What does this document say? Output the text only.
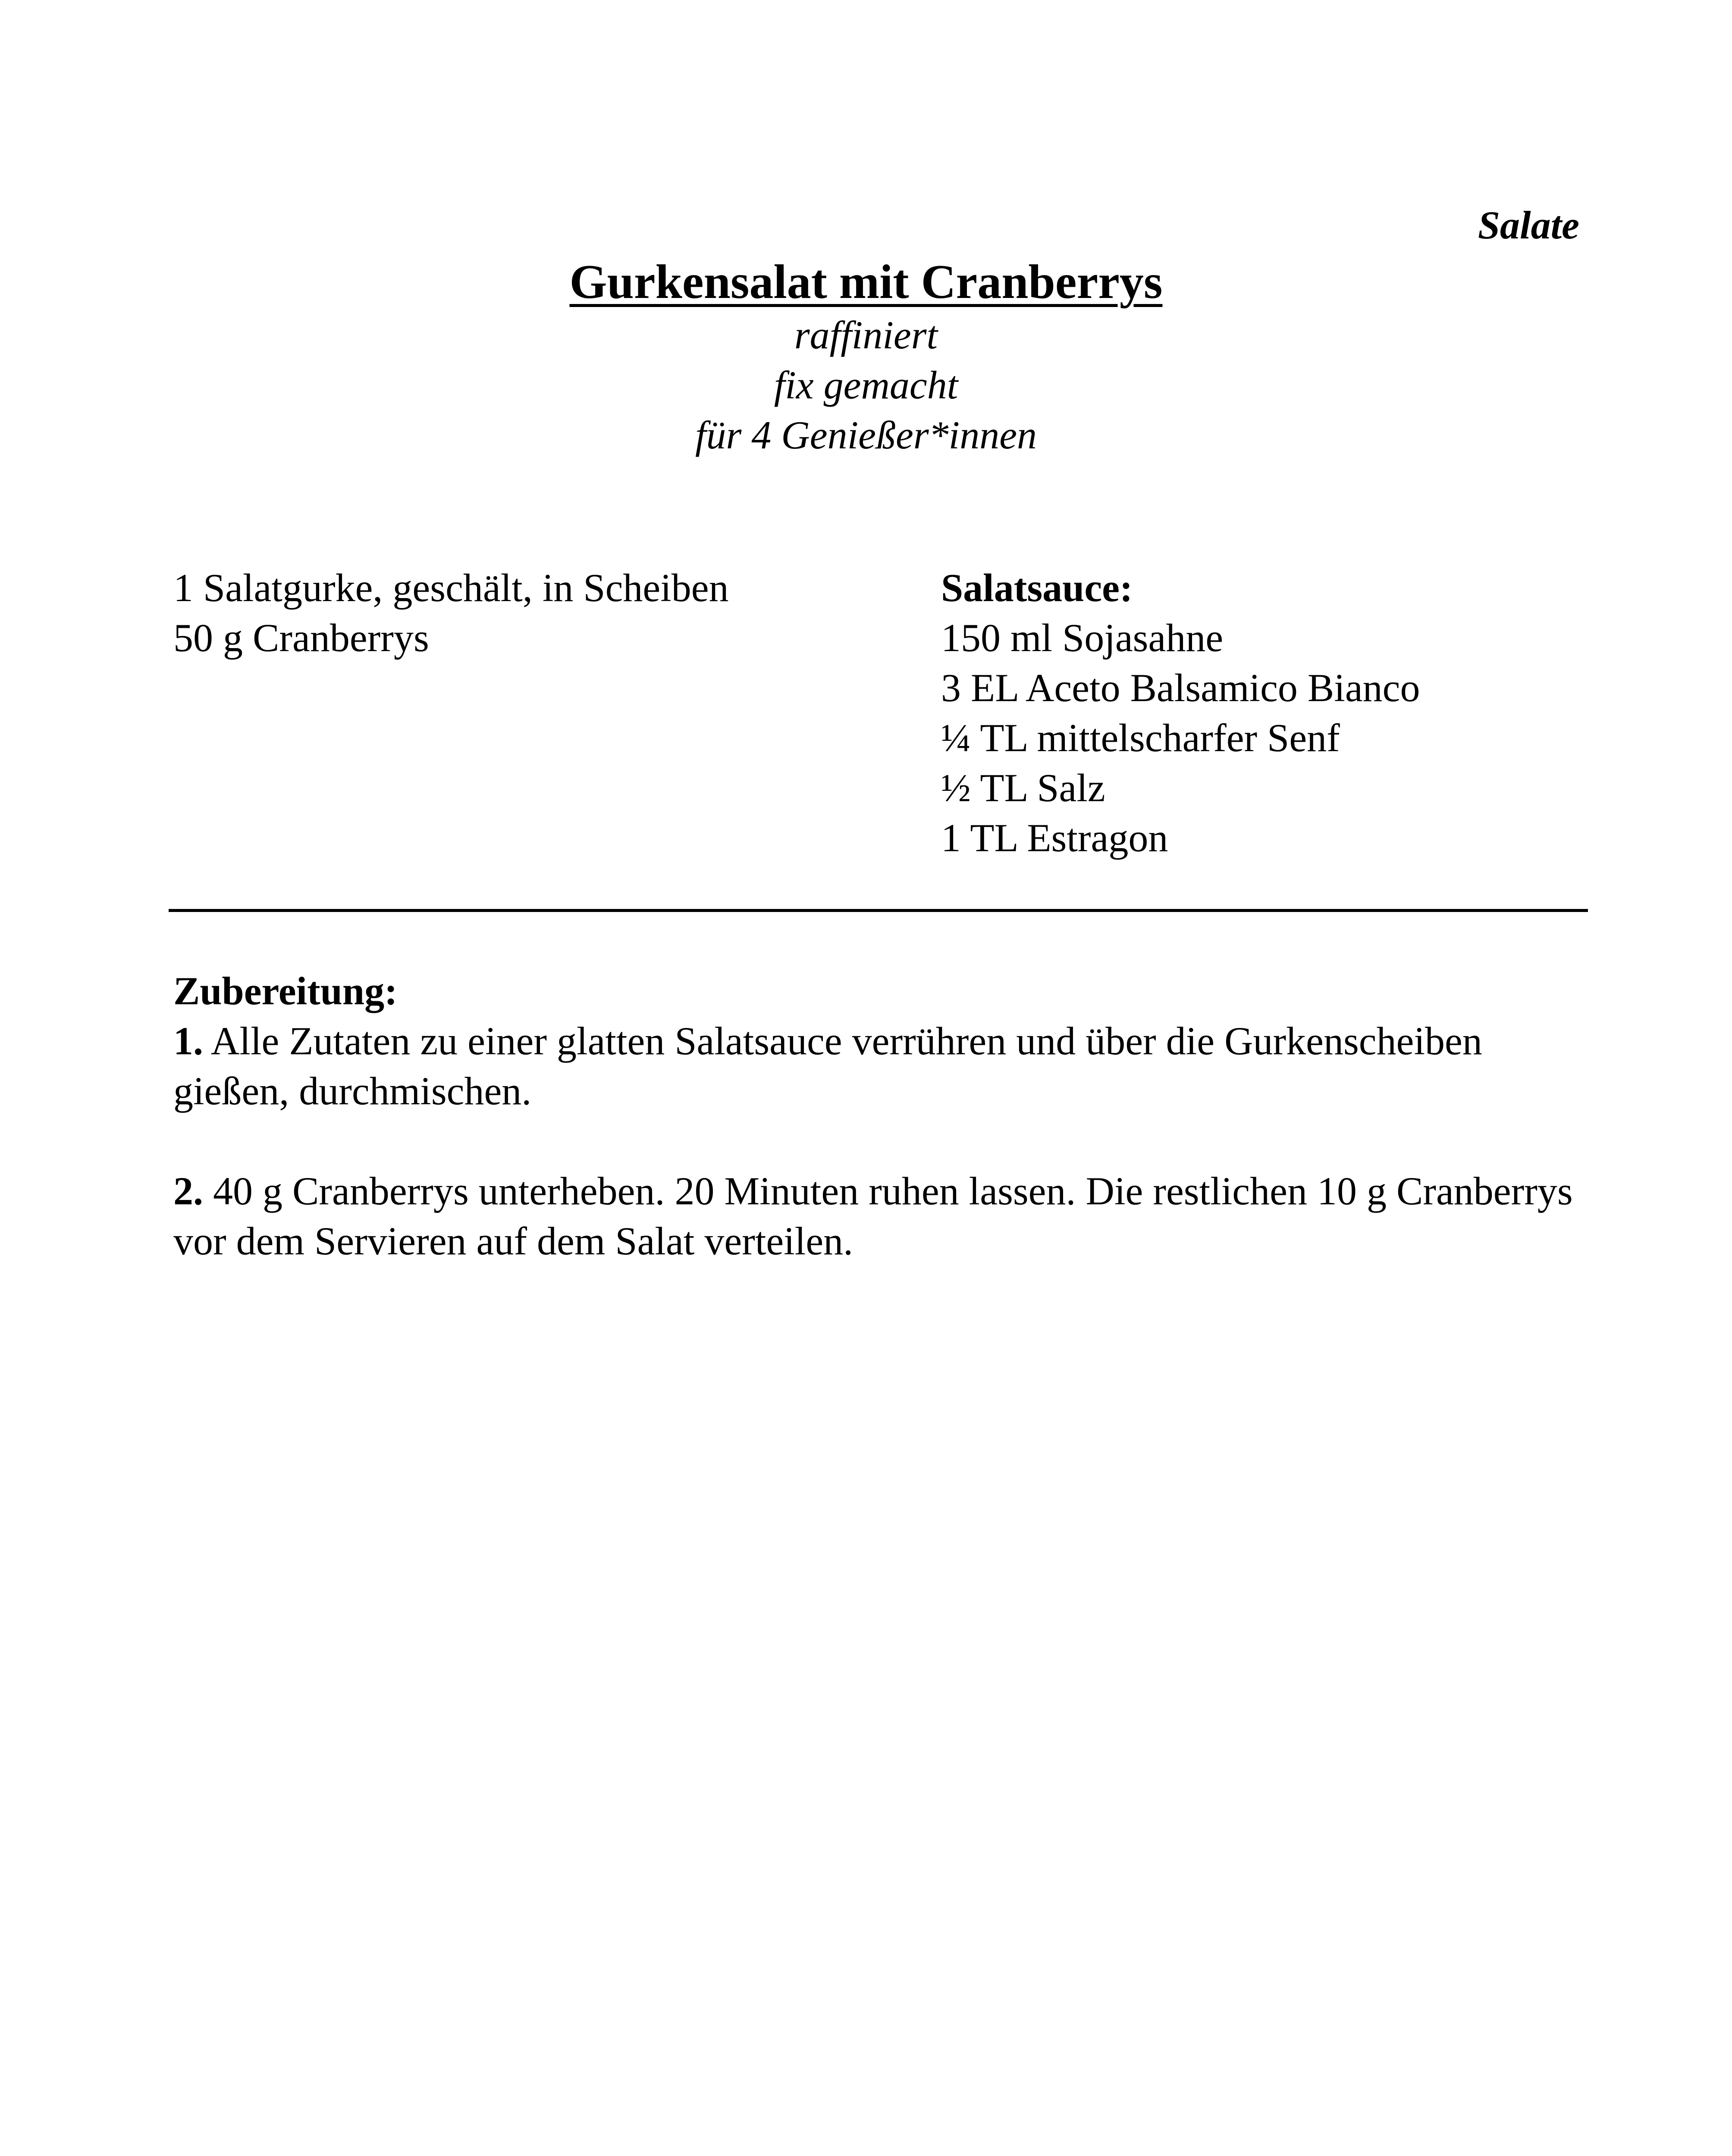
Salate
Gurkensalat mit Cranberrys
raffiniert
fix gemacht
für 4 Genießer*innen
1 Salatgurke, geschält, in Scheiben
50 g Cranberrys
Salatsauce:
150 ml Sojasahne
3 EL Aceto Balsamico Bianco
¼ TL mittelscharfer Senf
½ TL Salz
1 TL Estragon
Zubereitung:

1. Alle Zutaten zu einer glatten Salatsauce verrühren und über die Gurkenscheiben gießen, durchmischen.

2. 40 g Cranberrys unterheben. 20 Minuten ruhen lassen. Die restlichen 10 g Cranberrys vor dem Servieren auf dem Salat verteilen.
